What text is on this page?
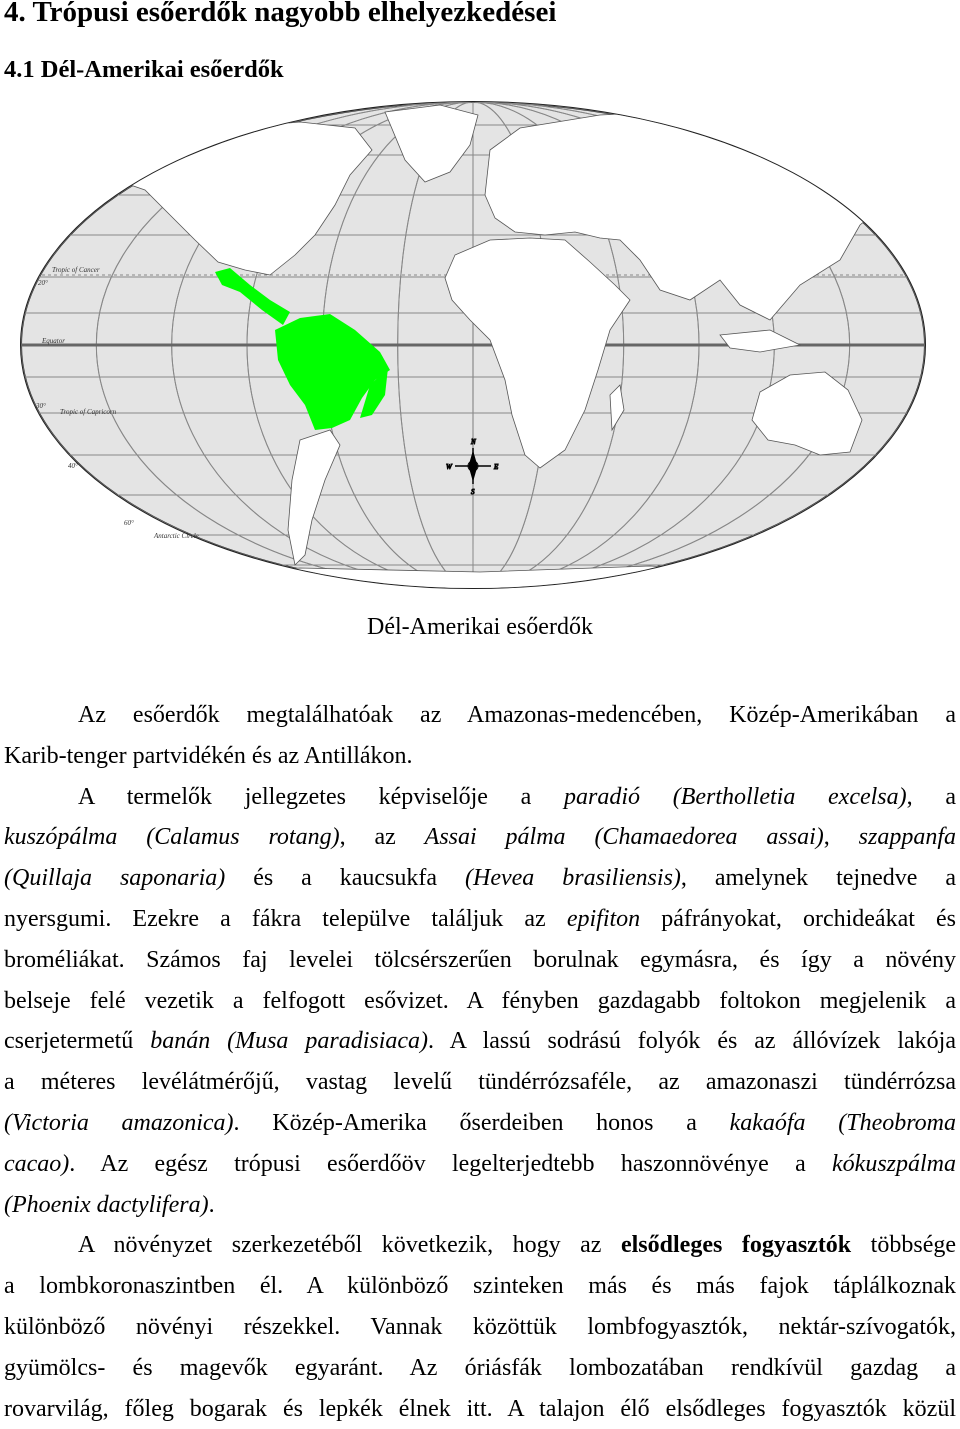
4. Trópusi esőerdők nagyobb elhelyezkedései
4.1 Dél-Amerikai esőerdők
Tropic of Cancer
20°
Equator
30°
Tropic of Capricorn
40°
60°
Antarctic Circle
N
S
E
W
Dél-Amerikai esőerdők
Az esőerdők megtalálhatóak az Amazonas-medencében, Közép-Amerikában a
Karib-tenger partvidékén és az Antillákon.
A termelők jellegzetes képviselője a paradió (Bertholletia excelsa), a
kuszópálma (Calamus rotang), az Assai pálma (Chamaedorea assai), szappanfa
(Quillaja saponaria) és a kaucsukfa (Hevea brasiliensis), amelynek tejnedve a
nyersgumi. Ezekre a fákra települve találjuk az epifiton páfrányokat, orchideákat és
broméliákat. Számos faj levelei tölcsérszerűen borulnak egymásra, és így a növény
belseje felé vezetik a felfogott esővizet. A fényben gazdagabb foltokon megjelenik a
cserjetermetű banán (Musa paradisiaca). A lassú sodrású folyók és az állóvízek lakója
a méteres levélátmérőjű, vastag levelű tündérrózsaféle, az amazonaszi tündérrózsa
(Victoria amazonica). Közép-Amerika őserdeiben honos a kakaófa (Theobroma
cacao). Az egész trópusi esőerdőöv legelterjedtebb haszonnövénye a kókuszpálma
(Phoenix dactylifera).
A növényzet szerkezetéből következik, hogy az elsődleges fogyasztók többsége
a lombkoronaszintben él. A különböző szinteken más és más fajok táplálkoznak
különböző növényi részekkel. Vannak közöttük lombfogyasztók, nektár-szívogatók,
gyümölcs- és magevők egyaránt. Az óriásfák lombozatában rendkívül gazdag a
rovarvilág, főleg bogarak és lepkék élnek itt. A talajon élő elsődleges fogyasztók közül
